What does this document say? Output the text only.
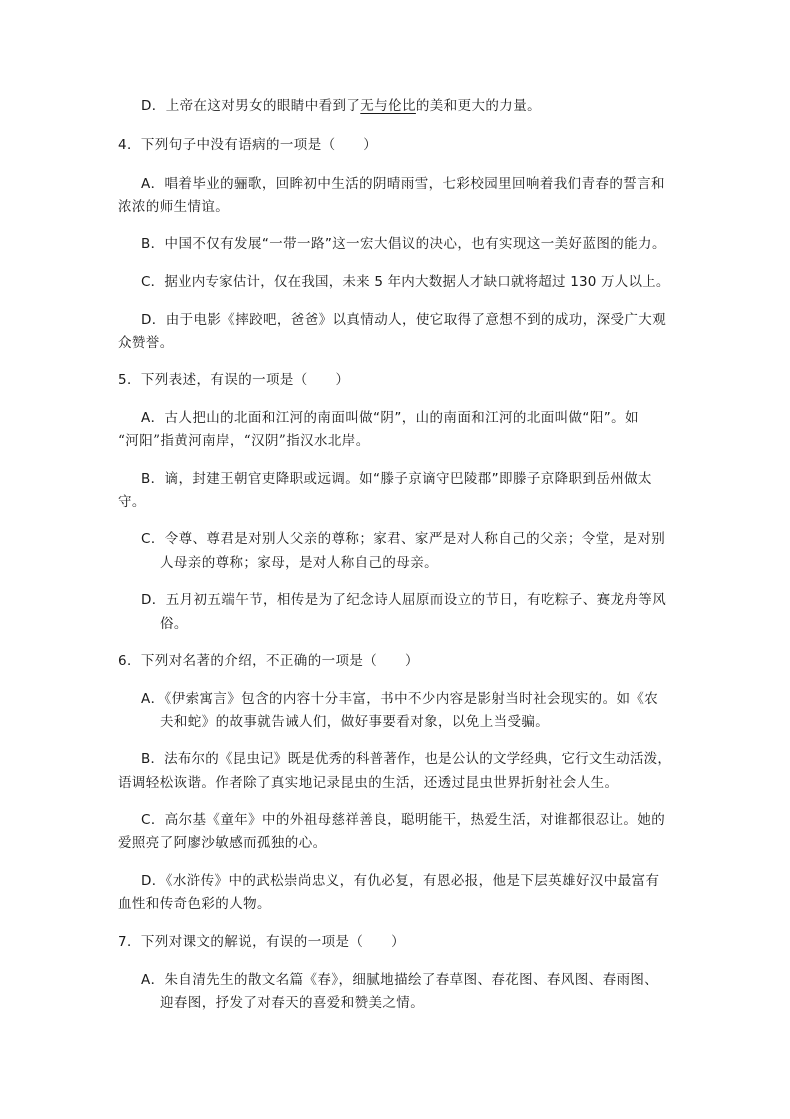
D．上帝在这对男女的眼睛中看到了无与伦比的美和更大的力量。

4．下列句子中没有语病的一项是（　　）

A．唱着毕业的骊歌，回眸初中生活的阴晴雨雪，七彩校园里回响着我们青春的誓言和

浓浓的师生情谊。

B．中国不仅有发展“一带一路”这一宏大倡议的决心，也有实现这一美好蓝图的能力。

C．据业内专家估计，仅在我国，未来 5 年内大数据人才缺口就将超过 130 万人以上。

D．由于电影《摔跤吧，爸爸》以真情动人，使它取得了意想不到的成功，深受广大观

众赞誉。

5．下列表述，有误的一项是（　　）

A．古人把山的北面和江河的南面叫做“阴”，山的南面和江河的北面叫做“阳”。如

“河阳”指黄河南岸，“汉阴”指汉水北岸。

B．谪，封建王朝官吏降职或远调。如“滕子京谪守巴陵郡”即滕子京降职到岳州做太

守。

C．令尊、尊君是对别人父亲的尊称；家君、家严是对人称自己的父亲；令堂，是对别

人母亲的尊称；家母，是对人称自己的母亲。

D．五月初五端午节，相传是为了纪念诗人屈原而设立的节日，有吃粽子、赛龙舟等风

俗。

6．下列对名著的介绍，不正确的一项是（　　）

A．《伊索寓言》包含的内容十分丰富，书中不少内容是影射当时社会现实的。如《农

夫和蛇》的故事就告诫人们，做好事要看对象，以免上当受骗。

B．法布尔的《昆虫记》既是优秀的科普著作，也是公认的文学经典，它行文生动活泼，

语调轻松诙谐。作者除了真实地记录昆虫的生活，还透过昆虫世界折射社会人生。

C．高尔基《童年》中的外祖母慈祥善良，聪明能干，热爱生活，对谁都很忍让。她的

爱照亮了阿廖沙敏感而孤独的心。

D．《水浒传》中的武松崇尚忠义，有仇必复，有恩必报，他是下层英雄好汉中最富有

血性和传奇色彩的人物。

7．下列对课文的解说，有误的一项是（　　）

A．朱自清先生的散文名篇《春》，细腻地描绘了春草图、春花图、春风图、春雨图、

迎春图，抒发了对春天的喜爱和赞美之情。
